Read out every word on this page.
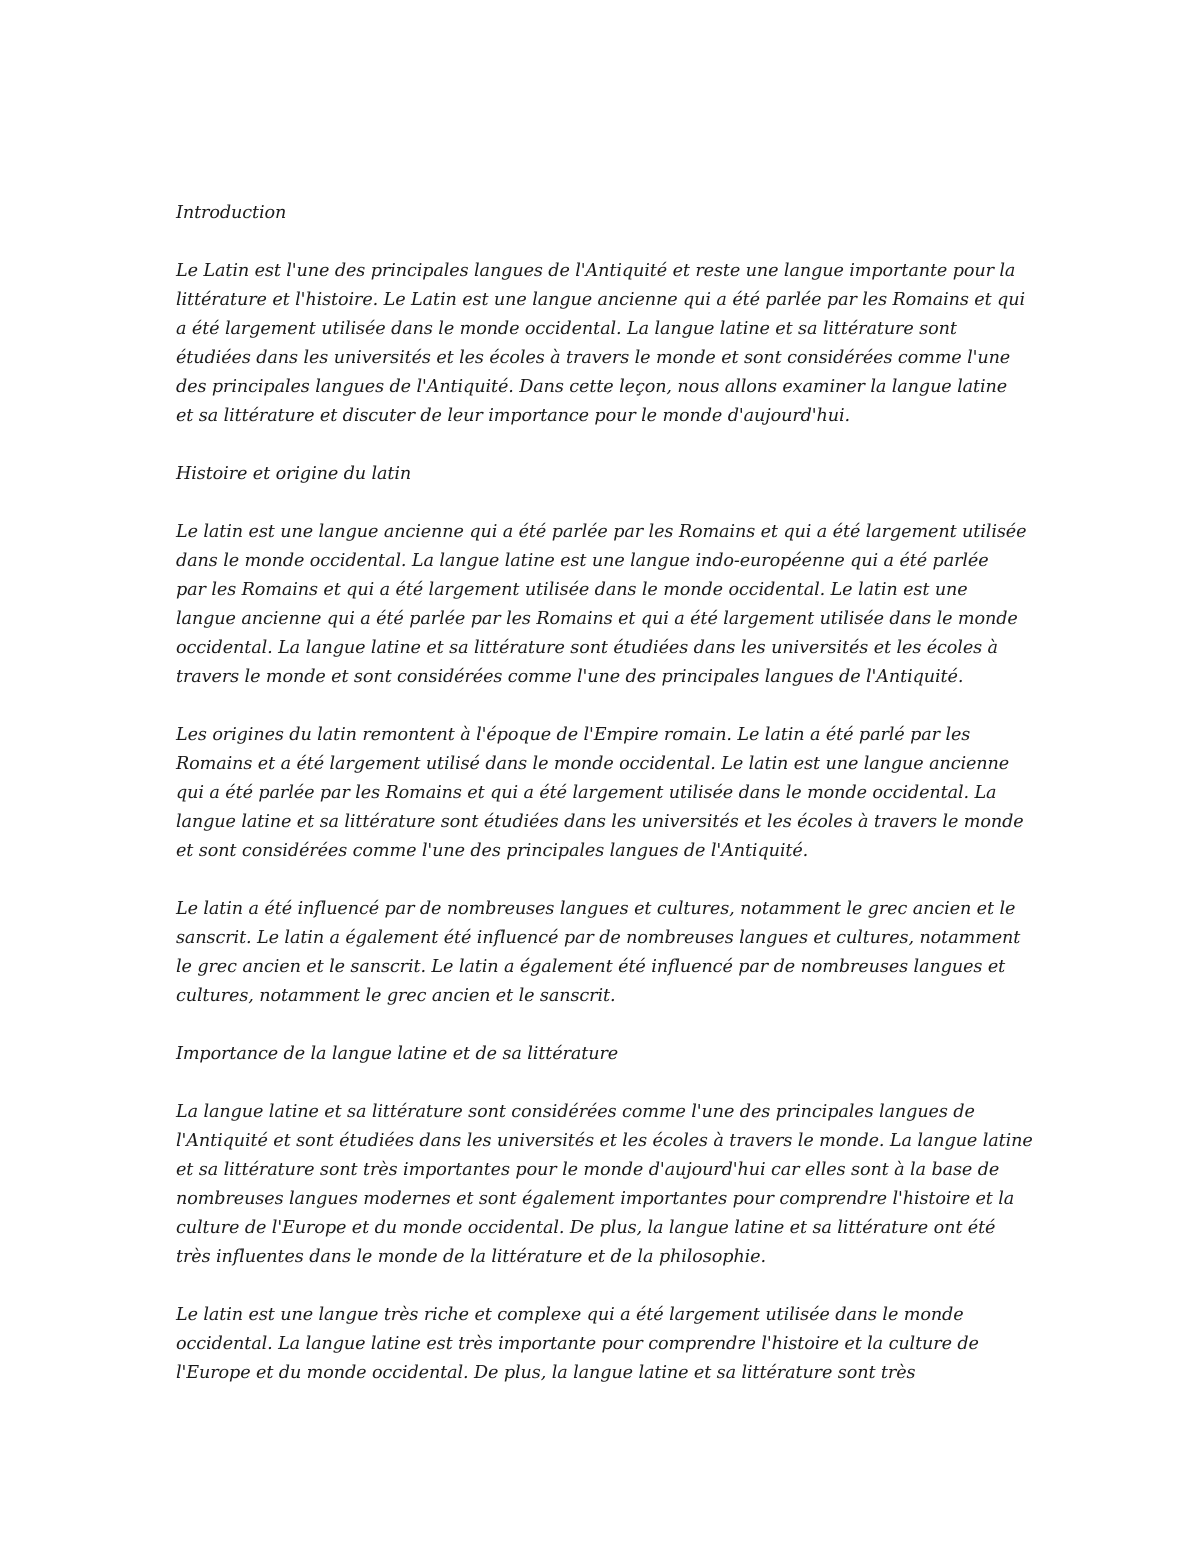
Introduction
Le Latin est l'une des principales langues de l'Antiquité et reste une langue importante pour la
littérature et l'histoire. Le Latin est une langue ancienne qui a été parlée par les Romains et qui
a été largement utilisée dans le monde occidental. La langue latine et sa littérature sont
étudiées dans les universités et les écoles à travers le monde et sont considérées comme l'une
des principales langues de l'Antiquité. Dans cette leçon, nous allons examiner la langue latine
et sa littérature et discuter de leur importance pour le monde d'aujourd'hui.
Histoire et origine du latin
Le latin est une langue ancienne qui a été parlée par les Romains et qui a été largement utilisée
dans le monde occidental. La langue latine est une langue indo-européenne qui a été parlée
par les Romains et qui a été largement utilisée dans le monde occidental. Le latin est une
langue ancienne qui a été parlée par les Romains et qui a été largement utilisée dans le monde
occidental. La langue latine et sa littérature sont étudiées dans les universités et les écoles à
travers le monde et sont considérées comme l'une des principales langues de l'Antiquité.
Les origines du latin remontent à l'époque de l'Empire romain. Le latin a été parlé par les
Romains et a été largement utilisé dans le monde occidental. Le latin est une langue ancienne
qui a été parlée par les Romains et qui a été largement utilisée dans le monde occidental. La
langue latine et sa littérature sont étudiées dans les universités et les écoles à travers le monde
et sont considérées comme l'une des principales langues de l'Antiquité.
Le latin a été influencé par de nombreuses langues et cultures, notamment le grec ancien et le
sanscrit. Le latin a également été influencé par de nombreuses langues et cultures, notamment
le grec ancien et le sanscrit. Le latin a également été influencé par de nombreuses langues et
cultures, notamment le grec ancien et le sanscrit.
Importance de la langue latine et de sa littérature
La langue latine et sa littérature sont considérées comme l'une des principales langues de
l'Antiquité et sont étudiées dans les universités et les écoles à travers le monde. La langue latine
et sa littérature sont très importantes pour le monde d'aujourd'hui car elles sont à la base de
nombreuses langues modernes et sont également importantes pour comprendre l'histoire et la
culture de l'Europe et du monde occidental. De plus, la langue latine et sa littérature ont été
très influentes dans le monde de la littérature et de la philosophie.
Le latin est une langue très riche et complexe qui a été largement utilisée dans le monde
occidental. La langue latine est très importante pour comprendre l'histoire et la culture de
l'Europe et du monde occidental. De plus, la langue latine et sa littérature sont très
